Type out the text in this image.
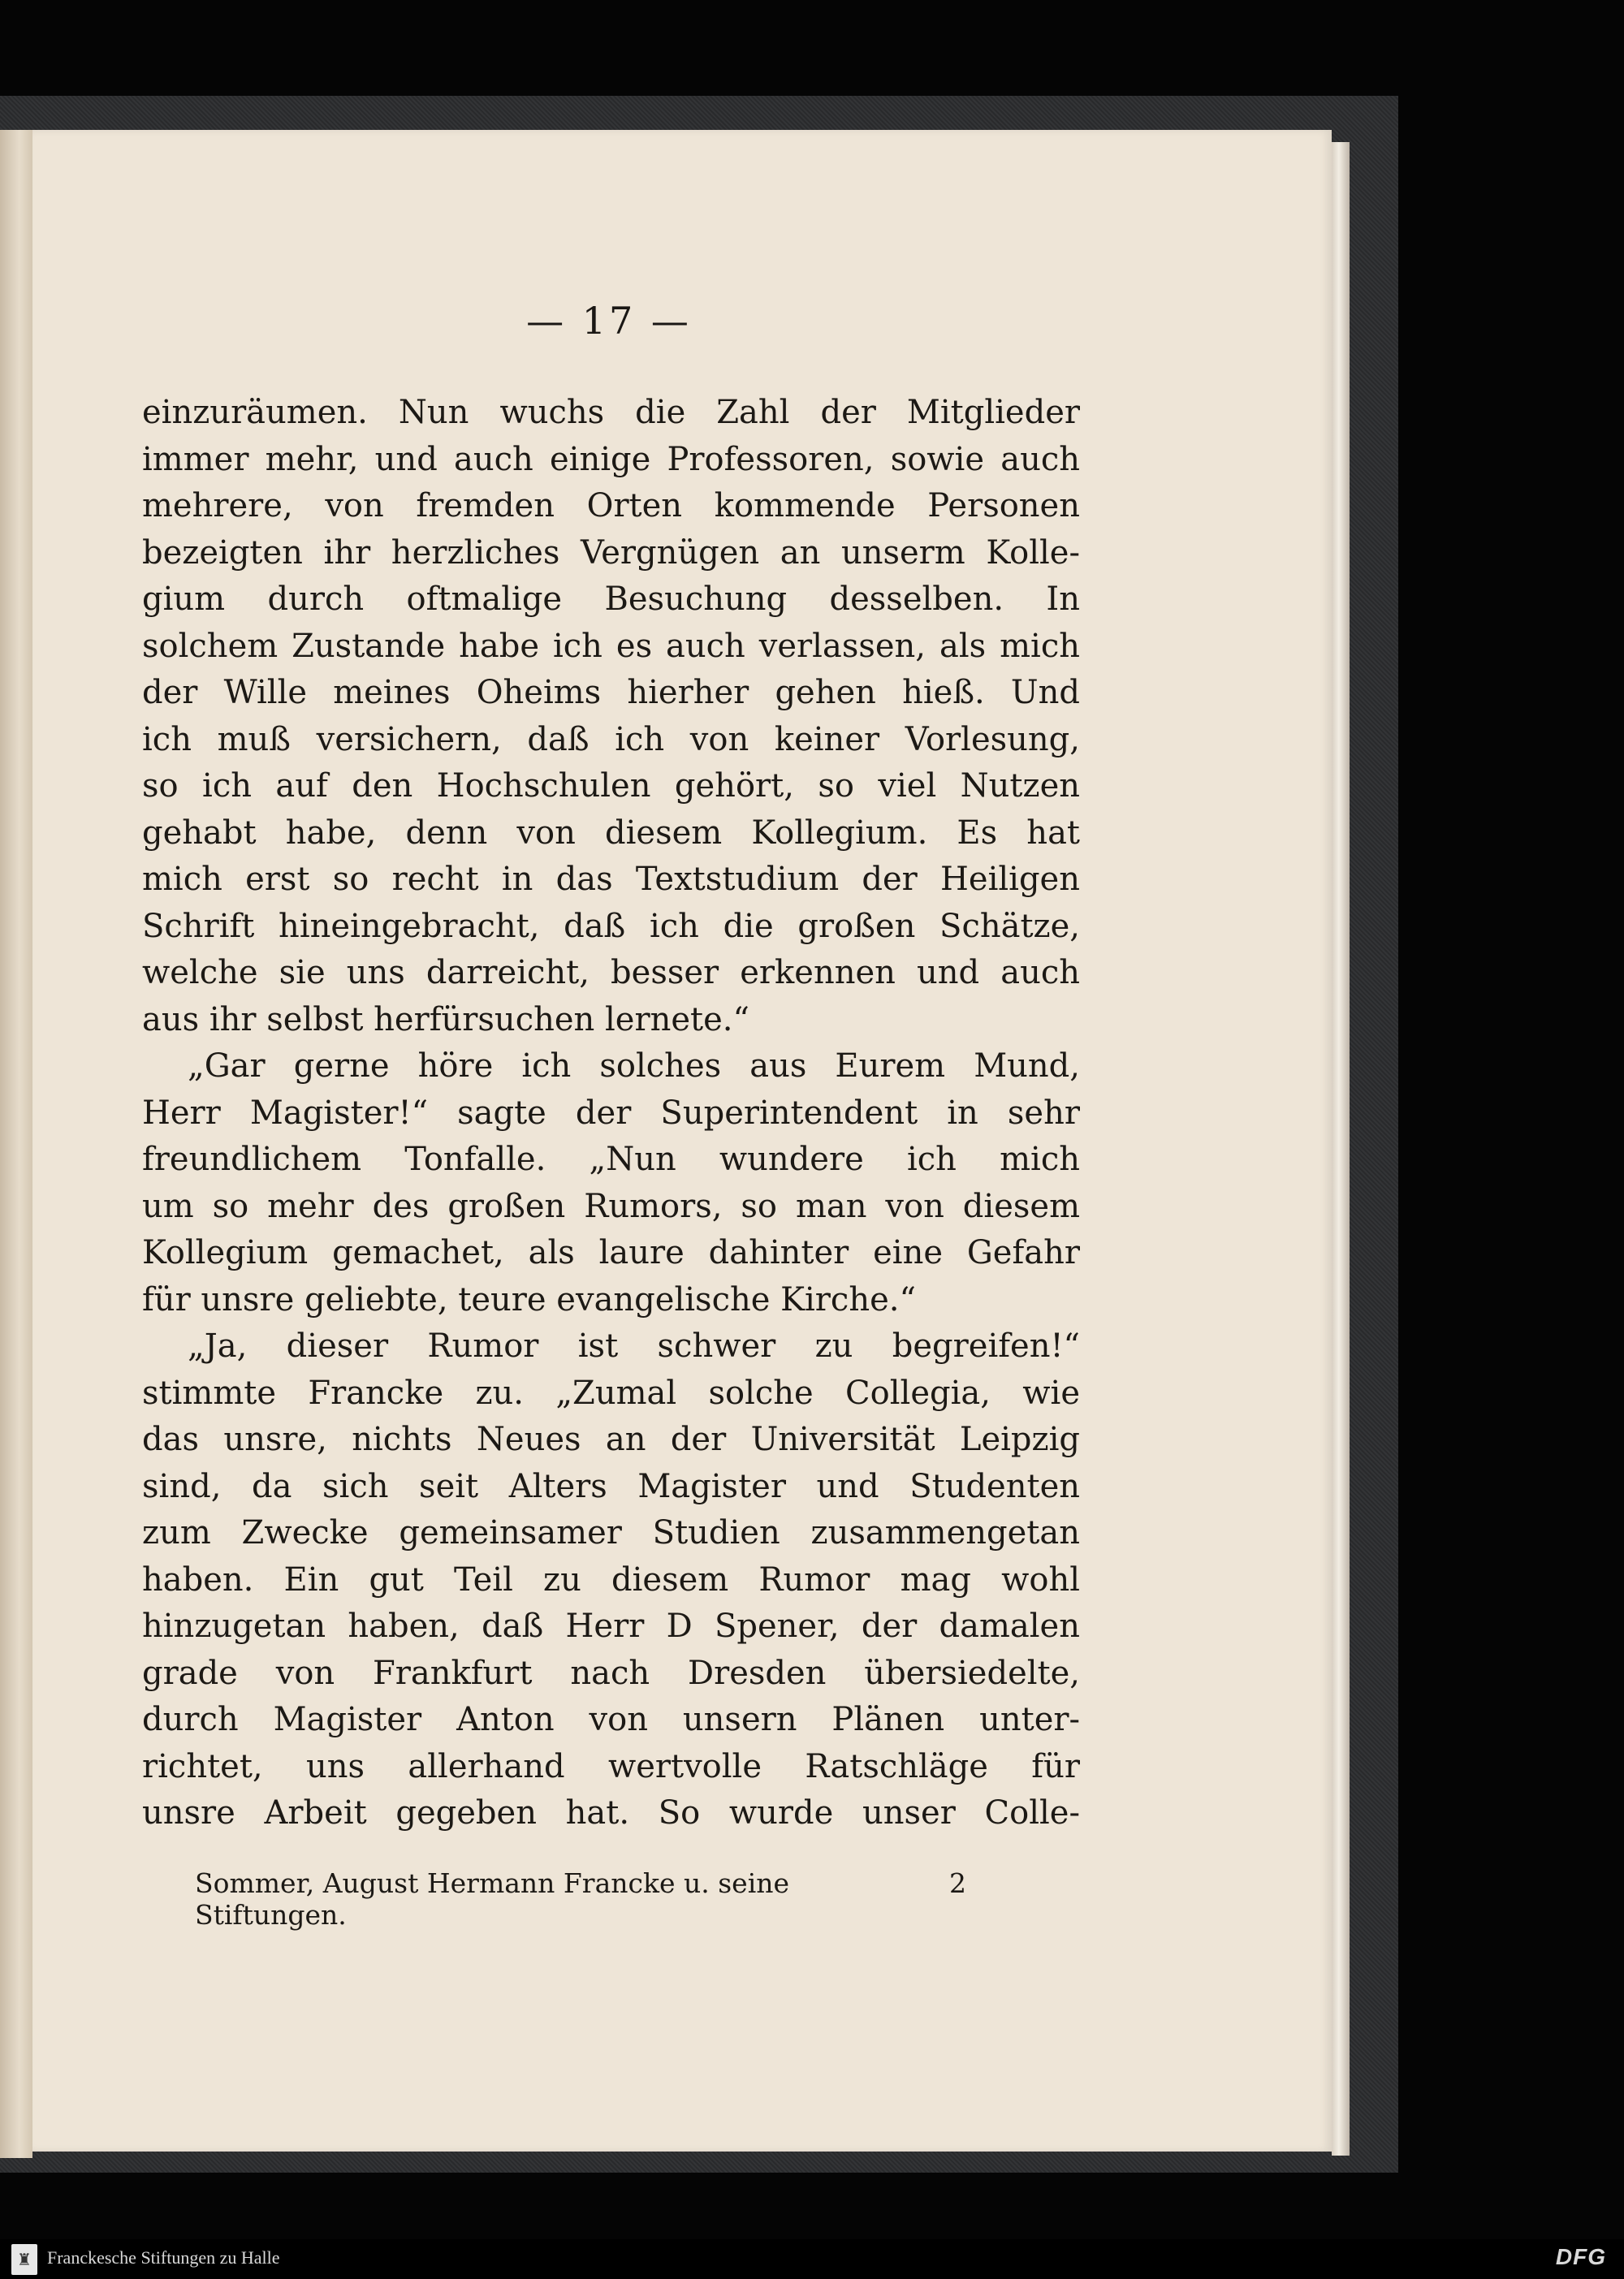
— 17 —
einzuräumen. Nun wuchs die Zahl der Mitglieder
immer mehr, und auch einige Professoren, sowie auch
mehrere, von fremden Orten kommende Personen
bezeigten ihr herzliches Vergnügen an unserm Kolle-
gium durch oftmalige Besuchung desselben. In
solchem Zustande habe ich es auch verlassen, als mich
der Wille meines Oheims hierher gehen hieß. Und
ich muß versichern, daß ich von keiner Vorlesung,
so ich auf den Hochschulen gehört, so viel Nutzen
gehabt habe, denn von diesem Kollegium. Es hat
mich erst so recht in das Textstudium der Heiligen
Schrift hineingebracht, daß ich die großen Schätze,
welche sie uns darreicht, besser erkennen und auch
aus ihr selbst herfürsuchen lernete.“
„Gar gerne höre ich solches aus Eurem Mund,
Herr Magister!“ sagte der Superintendent in sehr
freundlichem Tonfalle. „Nun wundere ich mich
um so mehr des großen Rumors, so man von diesem
Kollegium gemachet, als laure dahinter eine Gefahr
für unsre geliebte, teure evangelische Kirche.“
„Ja, dieser Rumor ist schwer zu begreifen!“
stimmte Francke zu. „Zumal solche Collegia, wie
das unsre, nichts Neues an der Universität Leipzig
sind, da sich seit Alters Magister und Studenten
zum Zwecke gemeinsamer Studien zusammengetan
haben. Ein gut Teil zu diesem Rumor mag wohl
hinzugetan haben, daß Herr D Spener, der damalen
grade von Frankfurt nach Dresden übersiedelte,
durch Magister Anton von unsern Plänen unter-
richtet, uns allerhand wertvolle Ratschläge für
unsre Arbeit gegeben hat. So wurde unser Colle-
Sommer, August Hermann Francke u. seine Stiftungen.
2
♜ Franckesche Stiftungen zu Halle	DFG
